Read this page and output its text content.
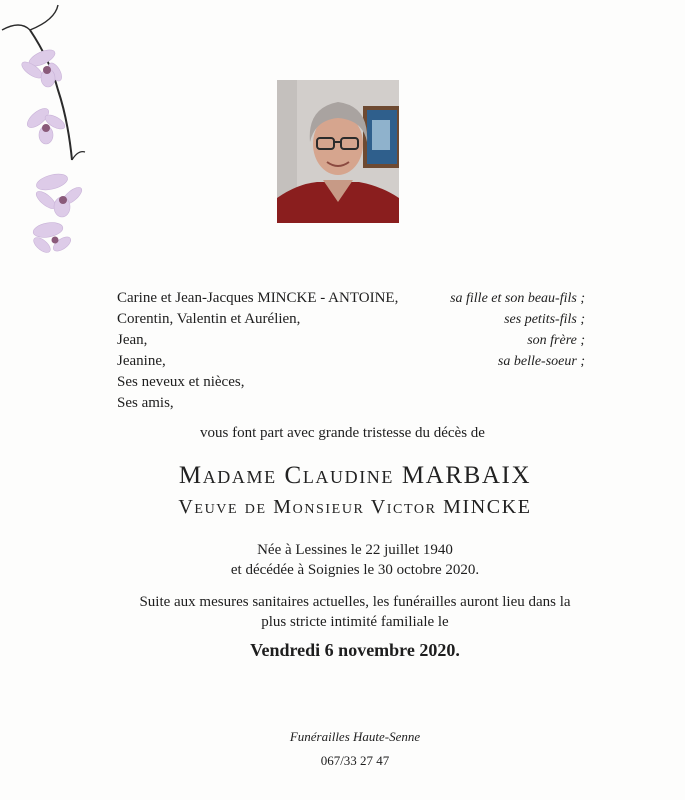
Carine et Jean-Jacques MINCKE - ANTOINE,	sa fille et son beau-fils ;
Corentin, Valentin et Aurélien,	ses petits-fils ;
Jean,	son frère ;
Jeanine,	sa belle-soeur ;
Ses neveux et nièces,
Ses amis,
vous font part avec grande tristesse du décès de
Madame Claudine MARBAIX
Veuve de Monsieur Victor MINCKE
Née à Lessines le 22 juillet 1940
et décédée à Soignies le 30 octobre 2020.
Suite aux mesures sanitaires actuelles, les funérailles auront lieu dans la
plus stricte intimité familiale le
Vendredi 6 novembre 2020.
Funérailles Haute-Senne
067/33 27 47
